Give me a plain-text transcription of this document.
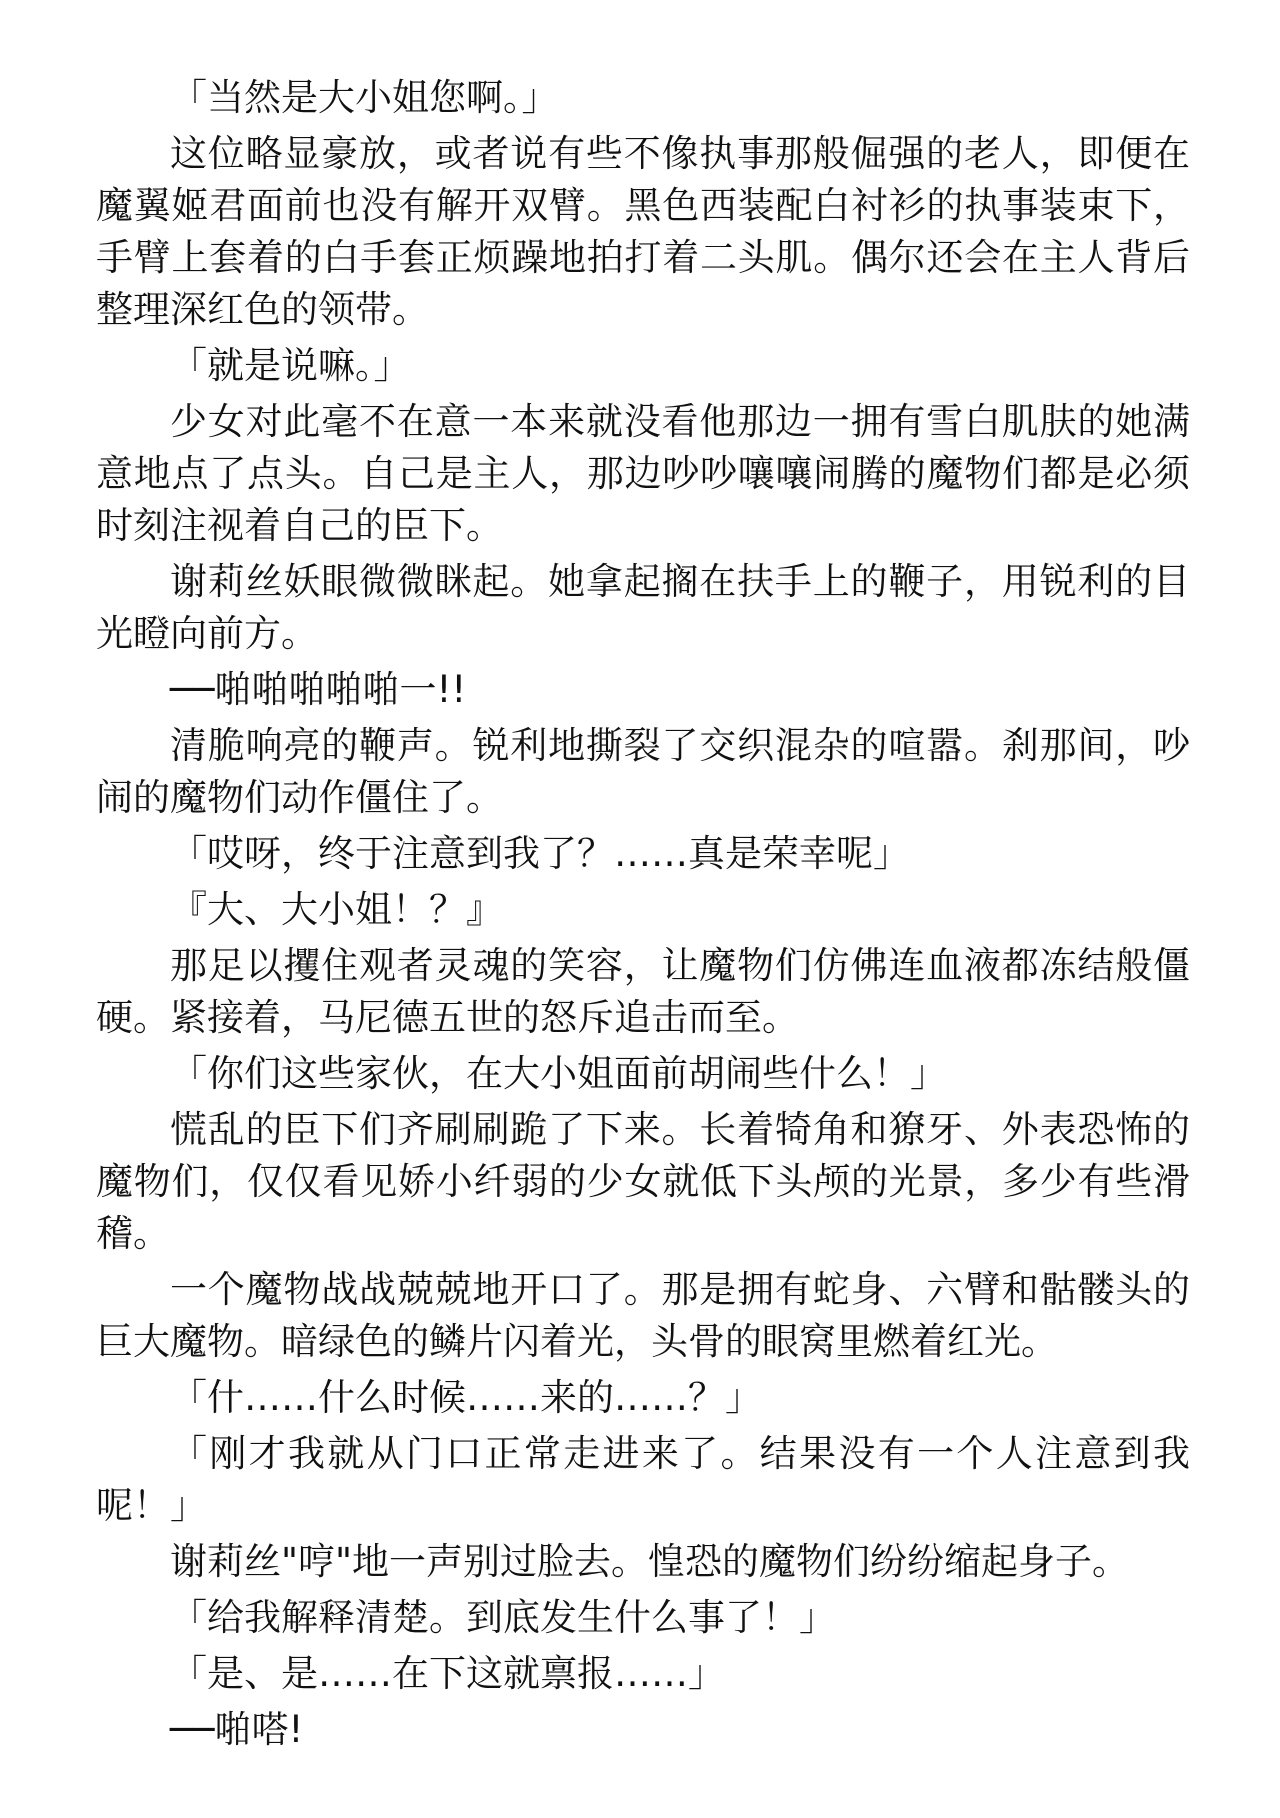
「当然是大小姐您啊。」

这位略显豪放，或者说有些不像执事那般倔强的老人，即便在魔翼姬君面前也没有解开双臂。黑色西装配白衬衫的执事装束下，手臂上套着的白手套正烦躁地拍打着二头肌。偶尔还会在主人背后整理深红色的领带。

「就是说嘛。」

少女对此毫不在意一本来就没看他那边一拥有雪白肌肤的她满意地点了点头。自己是主人，那边吵吵嚷嚷闹腾的魔物们都是必须时刻注视着自己的臣下。

谢莉丝妖眼微微眯起。她拿起搁在扶手上的鞭子，用锐利的目光瞪向前方。

──啪啪啪啪啪一!!

清脆响亮的鞭声。锐利地撕裂了交织混杂的喧嚣。刹那间，吵闹的魔物们动作僵住了。

「哎呀，终于注意到我了？……真是荣幸呢」

『大、大小姐！？』

那足以攫住观者灵魂的笑容，让魔物们仿佛连血液都冻结般僵硬。紧接着，马尼德五世的怒斥追击而至。

「你们这些家伙，在大小姐面前胡闹些什么！」

慌乱的臣下们齐刷刷跪了下来。长着犄角和獠牙、外表恐怖的魔物们，仅仅看见娇小纤弱的少女就低下头颅的光景，多少有些滑稽。

一个魔物战战兢兢地开口了。那是拥有蛇身、六臂和骷髅头的巨大魔物。暗绿色的鳞片闪着光，头骨的眼窝里燃着红光。

「什……什么时候……来的……？」

「刚才我就从门口正常走进来了。结果没有一个人注意到我呢！」

谢莉丝"哼"地一声别过脸去。惶恐的魔物们纷纷缩起身子。

「给我解释清楚。到底发生什么事了！」

「是、是……在下这就禀报……」

──啪嗒!
